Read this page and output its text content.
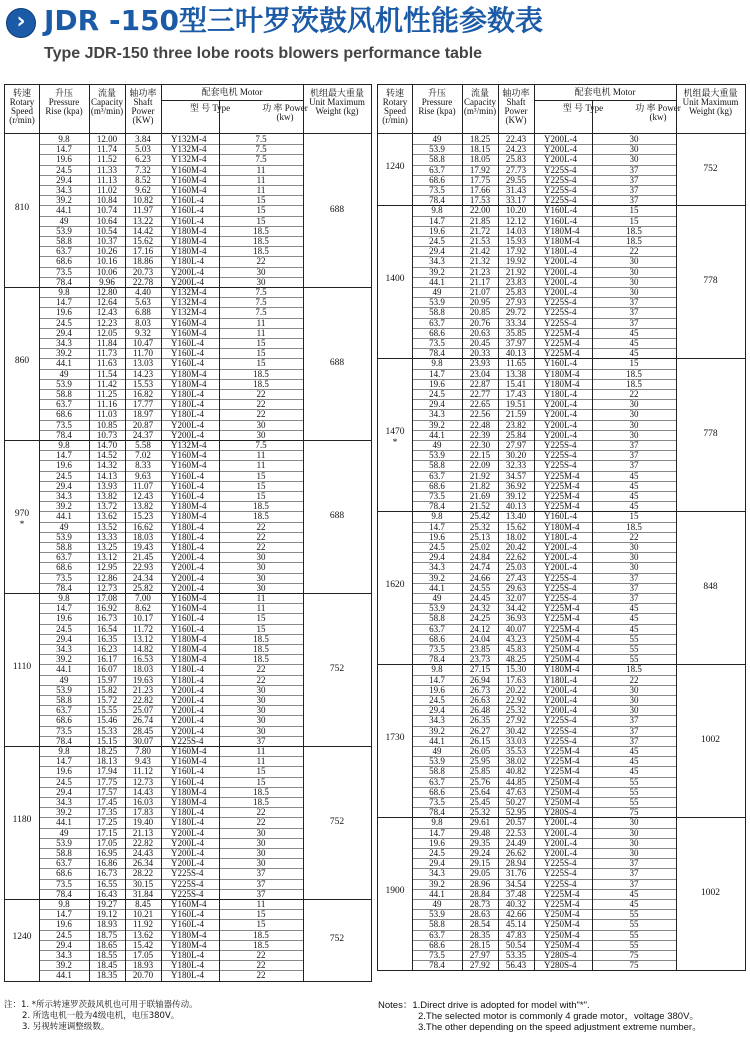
› JDR -150型三叶罗茨鼓风机性能参数表
Type JDR-150 three lobe roots blowers performance table
转速 Rotary Speed (r/min)
升压 Pressure Rise (kpa)
流量 Capacity (m³/min)
轴功率 Shaft Power (KW)
机组最大重量 Unit Maximum Weight (kg)
配套电机 Motor
型 号 Type	功 率 Power (kw)
810	688
9.8	12.00	3.84	Y132M-4	7.5
14.7	11.74	5.03	Y132M-4	7.5
19.6	11.52	6.23	Y132M-4	7.5
24.5	11.33	7.32	Y160M-4	11
29.4	11.13	8.52	Y160M-4	11
34.3	11.02	9.62	Y160M-4	11
39.2	10.84	10.82	Y160L-4	15
44.1	10.74	11.97	Y160L-4	15
49	10.64	13.22	Y160L-4	15
53.9	10.54	14.42	Y180M-4	18.5
58.8	10.37	15.62	Y180M-4	18.5
63.7	10.26	17.16	Y180M-4	18.5
68.6	10.16	18.86	Y180L-4	22
73.5	10.06	20.73	Y200L-4	30
78.4	9.96	22.78	Y200L-4	30
860	688
9.8	12.80	4.40	Y132M-4	7.5
14.7	12.64	5.63	Y132M-4	7.5
19.6	12.43	6.88	Y132M-4	7.5
24.5	12.23	8.03	Y160M-4	11
29.4	12.05	9.32	Y160M-4	11
34.3	11.84	10.47	Y160L-4	15
39.2	11.73	11.70	Y160L-4	15
44.1	11.63	13.03	Y160L-4	15
49	11.54	14.23	Y180M-4	18.5
53.9	11.42	15.53	Y180M-4	18.5
58.8	11.25	16.82	Y180L-4	22
63.7	11.16	17.77	Y180L-4	22
68.6	11.03	18.97	Y180L-4	22
73.5	10.85	20.87	Y200L-4	30
78.4	10.73	24.37	Y200L-4	30
970
*
688
9.8	14.70	5.58	Y132M-4	7.5
14.7	14.52	7.02	Y160M-4	11
19.6	14.32	8.33	Y160M-4	11
24.5	14.13	9.63	Y160L-4	15
29.4	13.93	11.07	Y160L-4	15
34.3	13.82	12.43	Y160L-4	15
39.2	13.72	13.82	Y180M-4	18.5
44.1	13.62	15.23	Y180M-4	18.5
49	13.52	16.62	Y180L-4	22
53.9	13.33	18.03	Y180L-4	22
58.8	13.25	19.43	Y180L-4	22
63.7	13.12	21.45	Y200L-4	30
68.6	12.95	22.93	Y200L-4	30
73.5	12.86	24.34	Y200L-4	30
78.4	12.73	25.82	Y200L-4	30
1110	752
9.8	17.08	7.00	Y160M-4	11
14.7	16.92	8.62	Y160M-4	11
19.6	16.73	10.17	Y160L-4	15
24.5	16.54	11.72	Y160L-4	15
29.4	16.35	13.12	Y180M-4	18.5
34.3	16.23	14.82	Y180M-4	18.5
39.2	16.17	16.53	Y180M-4	18.5
44.1	16.07	18.03	Y180L-4	22
49	15.97	19.63	Y180L-4	22
53.9	15.82	21.23	Y200L-4	30
58.8	15.72	22.82	Y200L-4	30
63.7	15.55	25.07	Y200L-4	30
68.6	15.46	26.74	Y200L-4	30
73.5	15.33	28.45	Y200L-4	30
78.4	15.15	30.07	Y225S-4	37
1180	752
9.8	18.25	7.80	Y160M-4	11
14.7	18.13	9.43	Y160M-4	11
19.6	17.94	11.12	Y160L-4	15
24.5	17.75	12.73	Y160L-4	15
29.4	17.57	14.43	Y180M-4	18.5
34.3	17.45	16.03	Y180M-4	18.5
39.2	17.35	17.83	Y180L-4	22
44.1	17.25	19.40	Y180L-4	22
49	17.15	21.13	Y200L-4	30
53.9	17.05	22.82	Y200L-4	30
58.8	16.95	24.43	Y200L-4	30
63.7	16.86	26.34	Y200L-4	30
68.6	16.73	28.22	Y225S-4	37
73.5	16.55	30.15	Y225S-4	37
78.4	16.43	31.84	Y225S-4	37
1240	752
9.8	19.27	8.45	Y160M-4	11
14.7	19.12	10.21	Y160L-4	15
19.6	18.93	11.92	Y160L-4	15
24.5	18.75	13.62	Y180M-4	18.5
29.4	18.65	15.42	Y180M-4	18.5
34.3	18.55	17.05	Y180L-4	22
39.2	18.45	18.93	Y180L-4	22
44.1	18.35	20.70	Y180L-4	22
转速 Rotary Speed (r/min)
升压 Pressure Rise (kpa)
流量 Capacity (m³/min)
轴功率 Shaft Power (KW)
机组最大重量 Unit Maximum Weight (kg)
配套电机 Motor
型 号 Type	功 率 Power (kw)
1240	752
49	18.25	22.43	Y200L-4	30
53.9	18.15	24.23	Y200L-4	30
58.8	18.05	25.83	Y200L-4	30
63.7	17.92	27.73	Y225S-4	37
68.6	17.75	29.55	Y225S-4	37
73.5	17.66	31.43	Y225S-4	37
78.4	17.53	33.17	Y225S-4	37
1400	778
9.8	22.00	10.20	Y160L-4	15
14.7	21.85	12.12	Y160L-4	15
19.6	21.72	14.03	Y180M-4	18.5
24.5	21.53	15.93	Y180M-4	18.5
29.4	21.42	17.92	Y180L-4	22
34.3	21.32	19.92	Y200L-4	30
39.2	21.23	21.92	Y200L-4	30
44.1	21.17	23.83	Y200L-4	30
49	21.07	25.83	Y200L-4	30
53.9	20.95	27.93	Y225S-4	37
58.8	20.85	29.72	Y225S-4	37
63.7	20.76	33.34	Y225S-4	37
68.6	20.63	35.85	Y225M-4	45
73.5	20.45	37.97	Y225M-4	45
78.4	20.33	40.13	Y225M-4	45
1470
*
778
9.8	23.93	11.65	Y160L-4	15
14.7	23.04	13.38	Y180M-4	18.5
19.6	22.87	15.41	Y180M-4	18.5
24.5	22.77	17.43	Y180L-4	22
29.4	22.65	19.51	Y200L-4	30
34.3	22.56	21.59	Y200L-4	30
39.2	22.48	23.82	Y200L-4	30
44.1	22.39	25.84	Y200L-4	30
49	22.30	27.97	Y225S-4	37
53.9	22.15	30.20	Y225S-4	37
58.8	22.09	32.33	Y225S-4	37
63.7	21.92	34.57	Y225M-4	45
68.6	21.82	36.92	Y225M-4	45
73.5	21.69	39.12	Y225M-4	45
78.4	21.52	40.13	Y225M-4	45
1620	848
9.8	25.42	13.40	Y160L-4	15
14.7	25.32	15.62	Y180M-4	18.5
19.6	25.13	18.02	Y180L-4	22
24.5	25.02	20.42	Y200L-4	30
29.4	24.84	22.62	Y200L-4	30
34.3	24.74	25.03	Y200L-4	30
39.2	24.66	27.43	Y225S-4	37
44.1	24.55	29.63	Y225S-4	37
49	24.45	32.07	Y225S-4	37
53.9	24.32	34.42	Y225M-4	45
58.8	24.25	36.93	Y225M-4	45
63.7	24.12	40.07	Y225M-4	45
68.6	24.04	43.23	Y250M-4	55
73.5	23.85	45.83	Y250M-4	55
78.4	23.73	48.25	Y250M-4	55
1730	1002
9.8	27.15	15.30	Y180M-4	18.5
14.7	26.94	17.63	Y180L-4	22
19.6	26.73	20.22	Y200L-4	30
24.5	26.63	22.92	Y200L-4	30
29.4	26.48	25.32	Y200L-4	30
34.3	26.35	27.92	Y225S-4	37
39.2	26.27	30.42	Y225S-4	37
44.1	26.15	33.03	Y225S-4	37
49	26.05	35.53	Y225M-4	45
53.9	25.95	38.02	Y225M-4	45
58.8	25.85	40.82	Y225M-4	45
63.7	25.76	44.85	Y250M-4	55
68.6	25.64	47.63	Y250M-4	55
73.5	25.45	50.27	Y250M-4	55
78.4	25.32	52.95	Y280S-4	75
1900	1002
9.8	29.61	20.57	Y200L-4	30
14.7	29.48	22.53	Y200L-4	30
19.6	29.35	24.49	Y200L-4	30
24.5	29.24	26.62	Y200L-4	30
29.4	29.15	28.94	Y225S-4	37
34.3	29.05	31.76	Y225S-4	37
39.2	28.96	34.54	Y225S-4	37
44.1	28.84	37.48	Y225M-4	45
49	28.73	40.32	Y225M-4	45
53.9	28.63	42.66	Y250M-4	55
58.8	28.54	45.14	Y250M-4	55
63.7	28.35	47.83	Y250M-4	55
68.6	28.15	50.54	Y250M-4	55
73.5	27.97	53.35	Y280S-4	75
78.4	27.92	56.43	Y280S-4	75
注：1. *所示转速罗茨鼓风机也可用于联轴器传动。
2. 所选电机一般为4级电机，电压380V。
3. 另视转速调整级数。
Notes：1.Direct drive is adopted for model with"*".
2.The selected motor is commonly 4 grade motor，voltage 380V。
3.The other depending on the speed adjustment extreme number。
